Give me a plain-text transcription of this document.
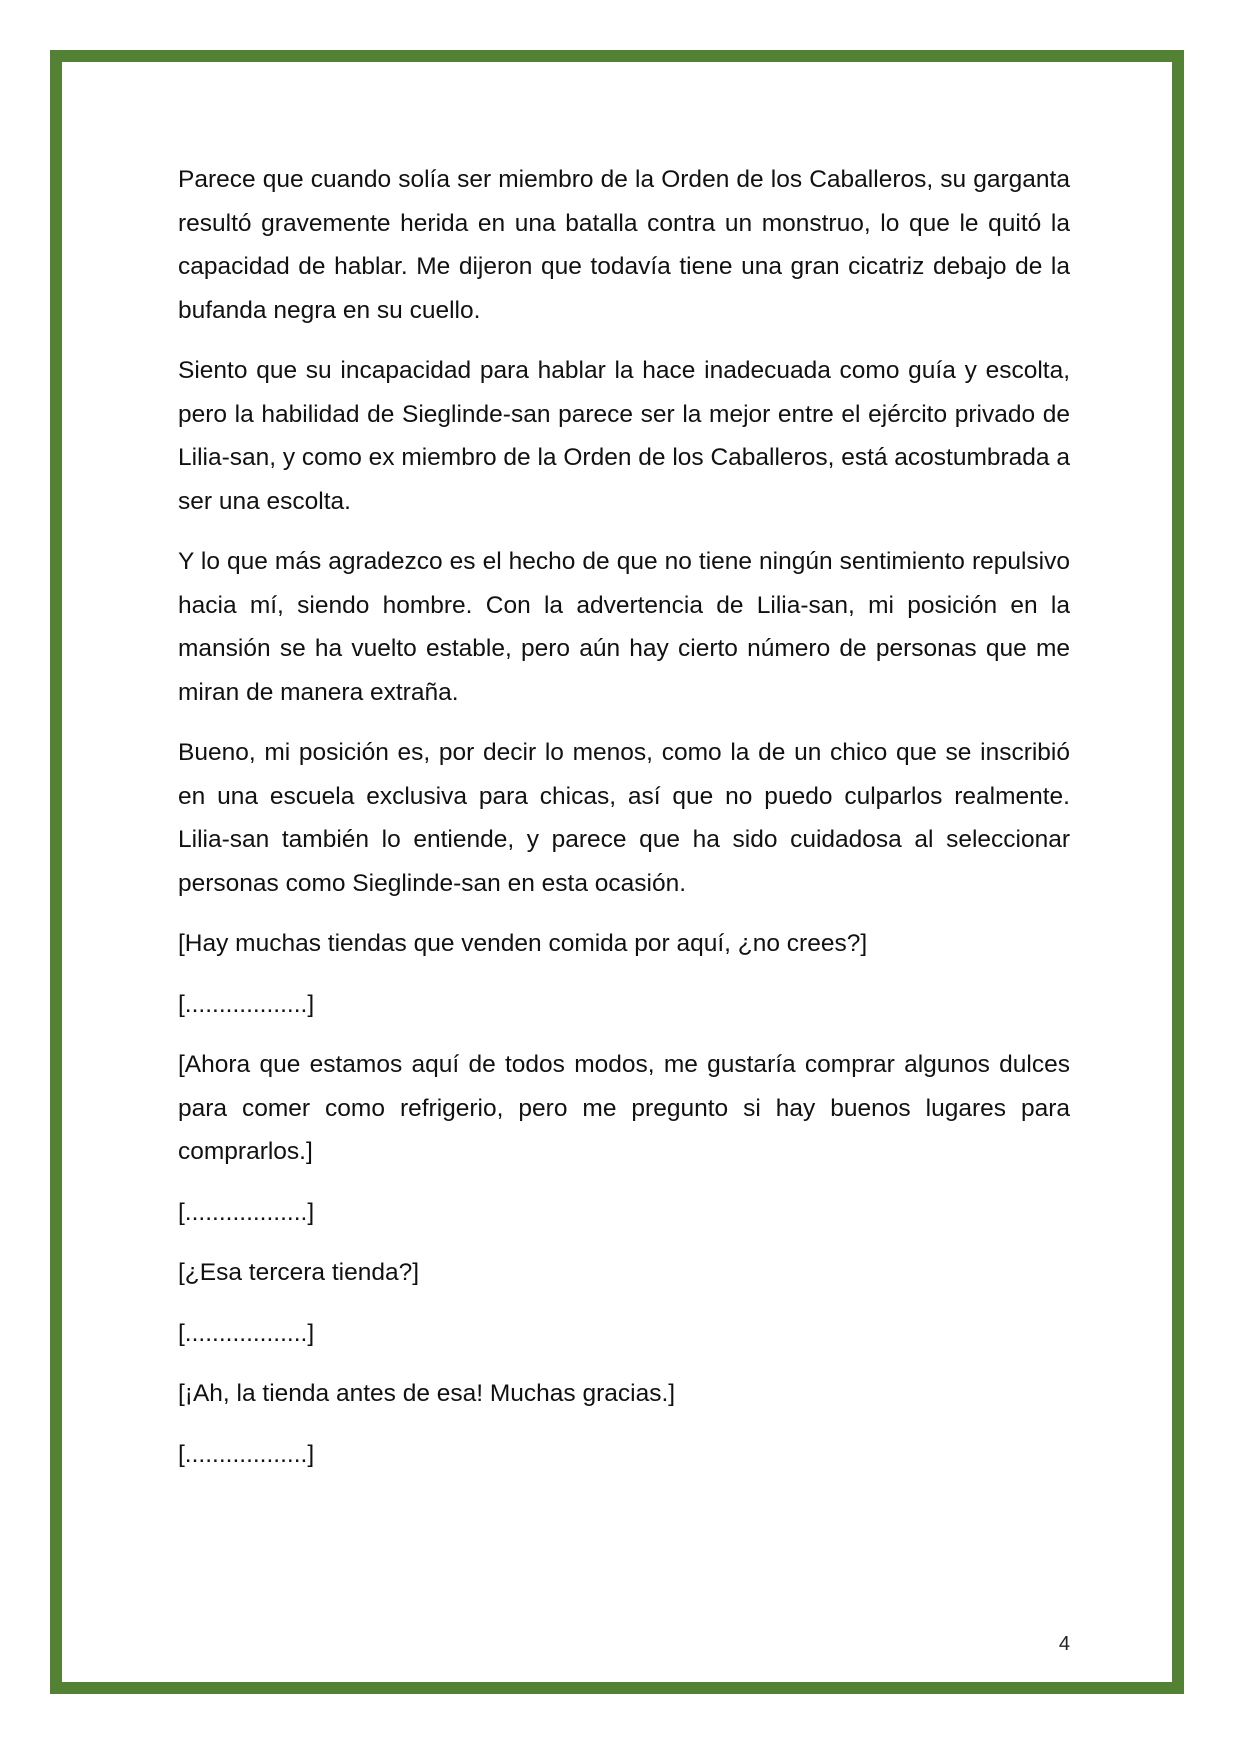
Parece que cuando solía ser miembro de la Orden de los Caballeros, su garganta resultó gravemente herida en una batalla contra un monstruo, lo que le quitó la capacidad de hablar. Me dijeron que todavía tiene una gran cicatriz debajo de la bufanda negra en su cuello.

Siento que su incapacidad para hablar la hace inadecuada como guía y escolta, pero la habilidad de Sieglinde-san parece ser la mejor entre el ejército privado de Lilia-san, y como ex miembro de la Orden de los Caballeros, está acostumbrada a ser una escolta.

Y lo que más agradezco es el hecho de que no tiene ningún sentimiento repulsivo hacia mí, siendo hombre. Con la advertencia de Lilia-san, mi posición en la mansión se ha vuelto estable, pero aún hay cierto número de personas que me miran de manera extraña.

Bueno, mi posición es, por decir lo menos, como la de un chico que se inscribió en una escuela exclusiva para chicas, así que no puedo culparlos realmente. Lilia-san también lo entiende, y parece que ha sido cuidadosa al seleccionar personas como Sieglinde-san en esta ocasión.

[Hay muchas tiendas que venden comida por aquí, ¿no crees?]

[..................]

[Ahora que estamos aquí de todos modos, me gustaría comprar algunos dulces para comer como refrigerio, pero me pregunto si hay buenos lugares para comprarlos.]

[..................]

[¿Esa tercera tienda?]

[..................]

[¡Ah, la tienda antes de esa! Muchas gracias.]

[..................]

4
